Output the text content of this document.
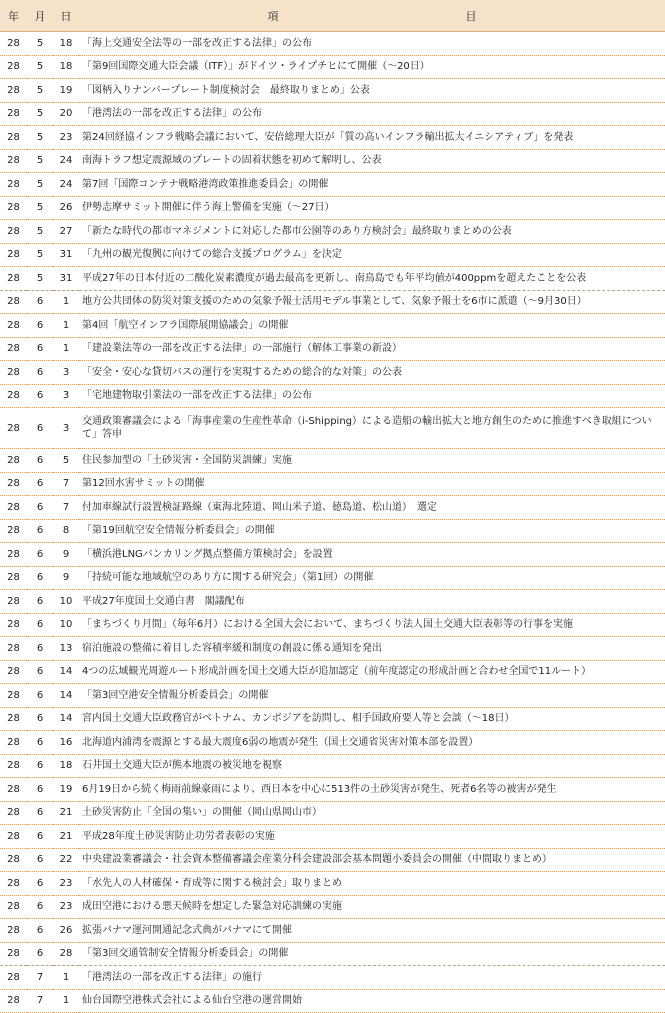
年	月	日	項　目
28	5	18	「海上交通安全法等の一部を改正する法律」の公布
28	5	18	「第9回国際交通大臣会議（ITF）」がドイツ・ライプチヒにて開催（〜20日）
28	5	19	「図柄入りナンバープレート制度検討会　最終取りまとめ」公表
28	5	20	「港湾法の一部を改正する法律」の公布
28	5	23	第24回経協インフラ戦略会議において、安倍総理大臣が「質の高いインフラ輸出拡大イニシアティブ」を発表
28	5	24	南海トラフ想定震源域のプレートの固着状態を初めて解明し、公表
28	5	24	第7回「国際コンテナ戦略港湾政策推進委員会」の開催
28	5	26	伊勢志摩サミット開催に伴う海上警備を実施（〜27日）
28	5	27	「新たな時代の都市マネジメントに対応した都市公園等のあり方検討会」最終取りまとめの公表
28	5	31	「九州の観光復興に向けての総合支援プログラム」を決定
28	5	31	平成27年の日本付近の二酸化炭素濃度が過去最高を更新し、南鳥島でも年平均値が400ppmを超えたことを公表
28	6	1	地方公共団体の防災対策支援のための気象予報士活用モデル事業として、気象予報士を6市に派遣（〜9月30日）
28	6	1	第4回「航空インフラ国際展開協議会」の開催
28	6	1	「建設業法等の一部を改正する法律」の一部施行（解体工事業の新設）
28	6	3	「安全・安心な貸切バスの運行を実現するための総合的な対策」の公表
28	6	3	「宅地建物取引業法の一部を改正する法律」の公布
28	6	3	交通政策審議会による「海事産業の生産性革命（i-Shipping）による造船の輸出拡大と地方創生のために推進すべき取組について」答申
28	6	5	住民参加型の「土砂災害・全国防災訓練」実施
28	6	7	第12回水害サミットの開催
28	6	7	付加車線試行設置検証路線（東海北陸道、岡山米子道、徳島道、松山道）　選定
28	6	8	「第19回航空安全情報分析委員会」の開催
28	6	9	「横浜港LNGバンカリング拠点整備方策検討会」を設置
28	6	9	「持続可能な地域航空のあり方に関する研究会」（第1回）の開催
28	6	10	平成27年度国土交通白書　閣議配布
28	6	10	「まちづくり月間」（毎年6月）における全国大会において、まちづくり法人国土交通大臣表彰等の行事を実施
28	6	13	宿泊施設の整備に着目した容積率緩和制度の創設に係る通知を発出
28	6	14	4つの広域観光周遊ルート形成計画を国土交通大臣が追加認定（前年度認定の形成計画と合わせ全国で11ルート）
28	6	14	「第3回空港安全情報分析委員会」の開催
28	6	14	宮内国土交通大臣政務官がベトナム、カンボジアを訪問し、相手国政府要人等と会談（〜18日）
28	6	16	北海道内浦湾を震源とする最大震度6弱の地震が発生（国土交通省災害対策本部を設置）
28	6	18	石井国土交通大臣が熊本地震の被災地を視察
28	6	19	6月19日から続く梅雨前線豪雨により、西日本を中心に513件の土砂災害が発生、死者6名等の被害が発生
28	6	21	土砂災害防止「全国の集い」の開催（岡山県岡山市）
28	6	21	平成28年度土砂災害防止功労者表彰の実施
28	6	22	中央建設業審議会・社会資本整備審議会産業分科会建設部会基本問題小委員会の開催（中間取りまとめ）
28	6	23	「水先人の人材確保・育成等に関する検討会」取りまとめ
28	6	23	成田空港における悪天候時を想定した緊急対応訓練の実施
28	6	26	拡張パナマ運河開通記念式典がパナマにて開催
28	6	28	「第3回交通管制安全情報分析委員会」の開催
28	7	1	「港湾法の一部を改正する法律」の施行
28	7	1	仙台国際空港株式会社による仙台空港の運営開始
